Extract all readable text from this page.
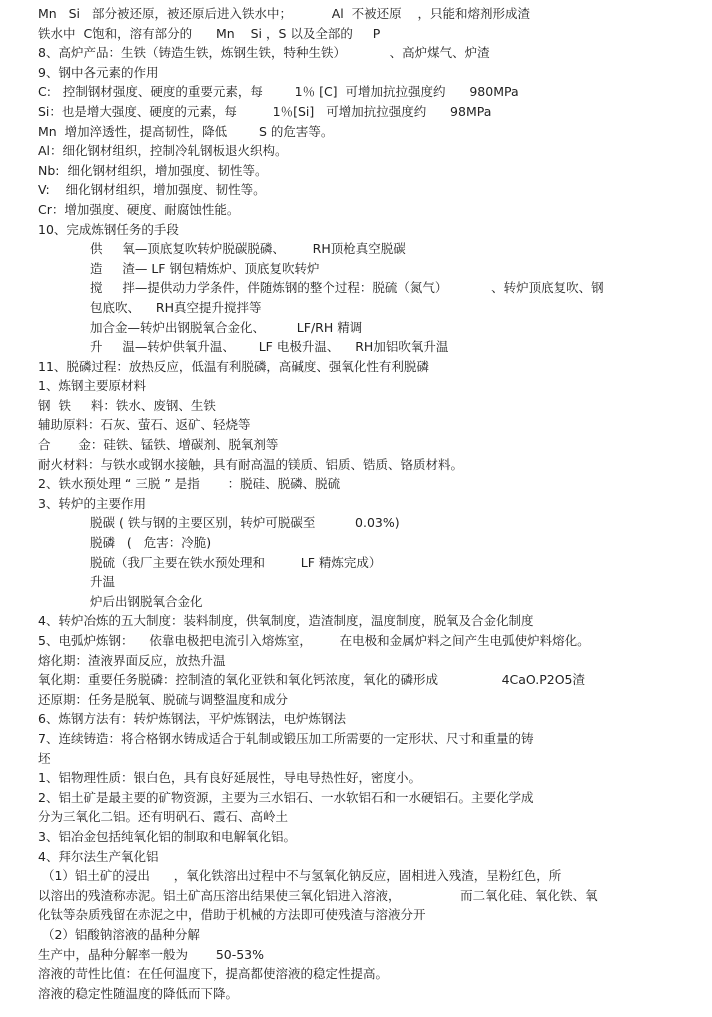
Mn   Si   部分被还原，被还原后进入铁水中；          Al  不被还原    ，只能和熔剂形成渣
铁水中  C饱和，溶有部分的      Mn    Si ，S 以及全部的     P
8、高炉产品：生铁（铸造生铁，炼钢生铁，特种生铁）           、高炉煤气、炉渣
9、钢中各元素的作用
C:   控制钢材强度、硬度的重要元素，每        1％ [C]  可增加抗拉强度约      980MPa
Si：也是增大强度、硬度的元素，每         1％[Si]   可增加抗拉强度约      98MPa
Mn  增加淬透性，提高韧性，降低        S 的危害等。
Al：细化钢材组织，控制冷轧钢板退火织构。
Nb:  细化钢材组织，增加强度、韧性等。
V:    细化钢材组织，增加强度、韧性等。
Cr：增加强度、硬度、耐腐蚀性能。
10、完成炼钢任务的手段
供     氧—顶底复吹转炉脱碳脱磷、       RH顶枪真空脱碳
造     渣— LF 钢包精炼炉、顶底复吹转炉
搅     拌—提供动力学条件，伴随炼钢的整个过程：脱硫（氮气）           、转炉顶底复吹、钢
包底吹、    RH真空提升搅拌等
加合金—转炉出钢脱氧合金化、        LF/RH 精调
升     温—转炉供氧升温、      LF 电极升温、    RH加铝吹氧升温
11、脱磷过程：放热反应，低温有利脱磷，高碱度、强氧化性有利脱磷
1、炼钢主要原材料
钢  铁     料：铁水、废钢、生铁
辅助原料：石灰、萤石、返矿、轻烧等
合       金：硅铁、锰铁、增碳剂、脱氧剂等
耐火材料：与铁水或钢水接触，具有耐高温的镁质、铝质、锆质、铬质材料。
2、铁水预处理 “ 三脱 ” 是指       ：脱硅、脱磷、脱硫
3、转炉的主要作用
脱碳 ( 铁与钢的主要区别，转炉可脱碳至          0.03%)
脱磷   (   危害：冷脆)
脱硫（我厂主要在铁水预处理和         LF 精炼完成）
升温
炉后出钢脱氧合金化
4、转炉冶炼的五大制度：装料制度，供氧制度，造渣制度，温度制度，脱氧及合金化制度
5、电弧炉炼钢：    依靠电极把电流引入熔炼室，       在电极和金属炉料之间产生电弧使炉料熔化。
熔化期：渣液界面反应，放热升温
氧化期：重要任务脱磷：控制渣的氧化亚铁和氧化钙浓度，氧化的磷形成                4CaO.P2O5渣
还原期：任务是脱氧、脱硫与调整温度和成分
6、炼钢方法有：转炉炼钢法，平炉炼钢法，电炉炼钢法
7、连续铸造：将合格钢水铸成适合于轧制或锻压加工所需要的一定形状、尺寸和重量的铸
坯
1、铝物理性质：银白色，具有良好延展性，导电导热性好，密度小。
2、铝土矿是最主要的矿物资源，主要为三水铝石、一水软铝石和一水硬铝石。主要化学成
分为三氧化二铝。还有明矾石、霞石、高岭土
3、铝冶金包括纯氧化铝的制取和电解氧化铝。
4、拜尔法生产氧化铝
（1）铝土矿的浸出      ，氧化铁溶出过程中不与氢氧化钠反应，固相进入残渣，呈粉红色，所
以溶出的残渣称赤泥。铝土矿高压溶出结果使三氧化铝进入溶液，               而二氧化硅、氧化铁、氧
化钛等杂质残留在赤泥之中，借助于机械的方法即可使残渣与溶液分开
（2）铝酸钠溶液的晶种分解
生产中，晶种分解率一般为       50-53%
溶液的苛性比值：在任何温度下，提高都使溶液的稳定性提高。
溶液的稳定性随温度的降低而下降。
